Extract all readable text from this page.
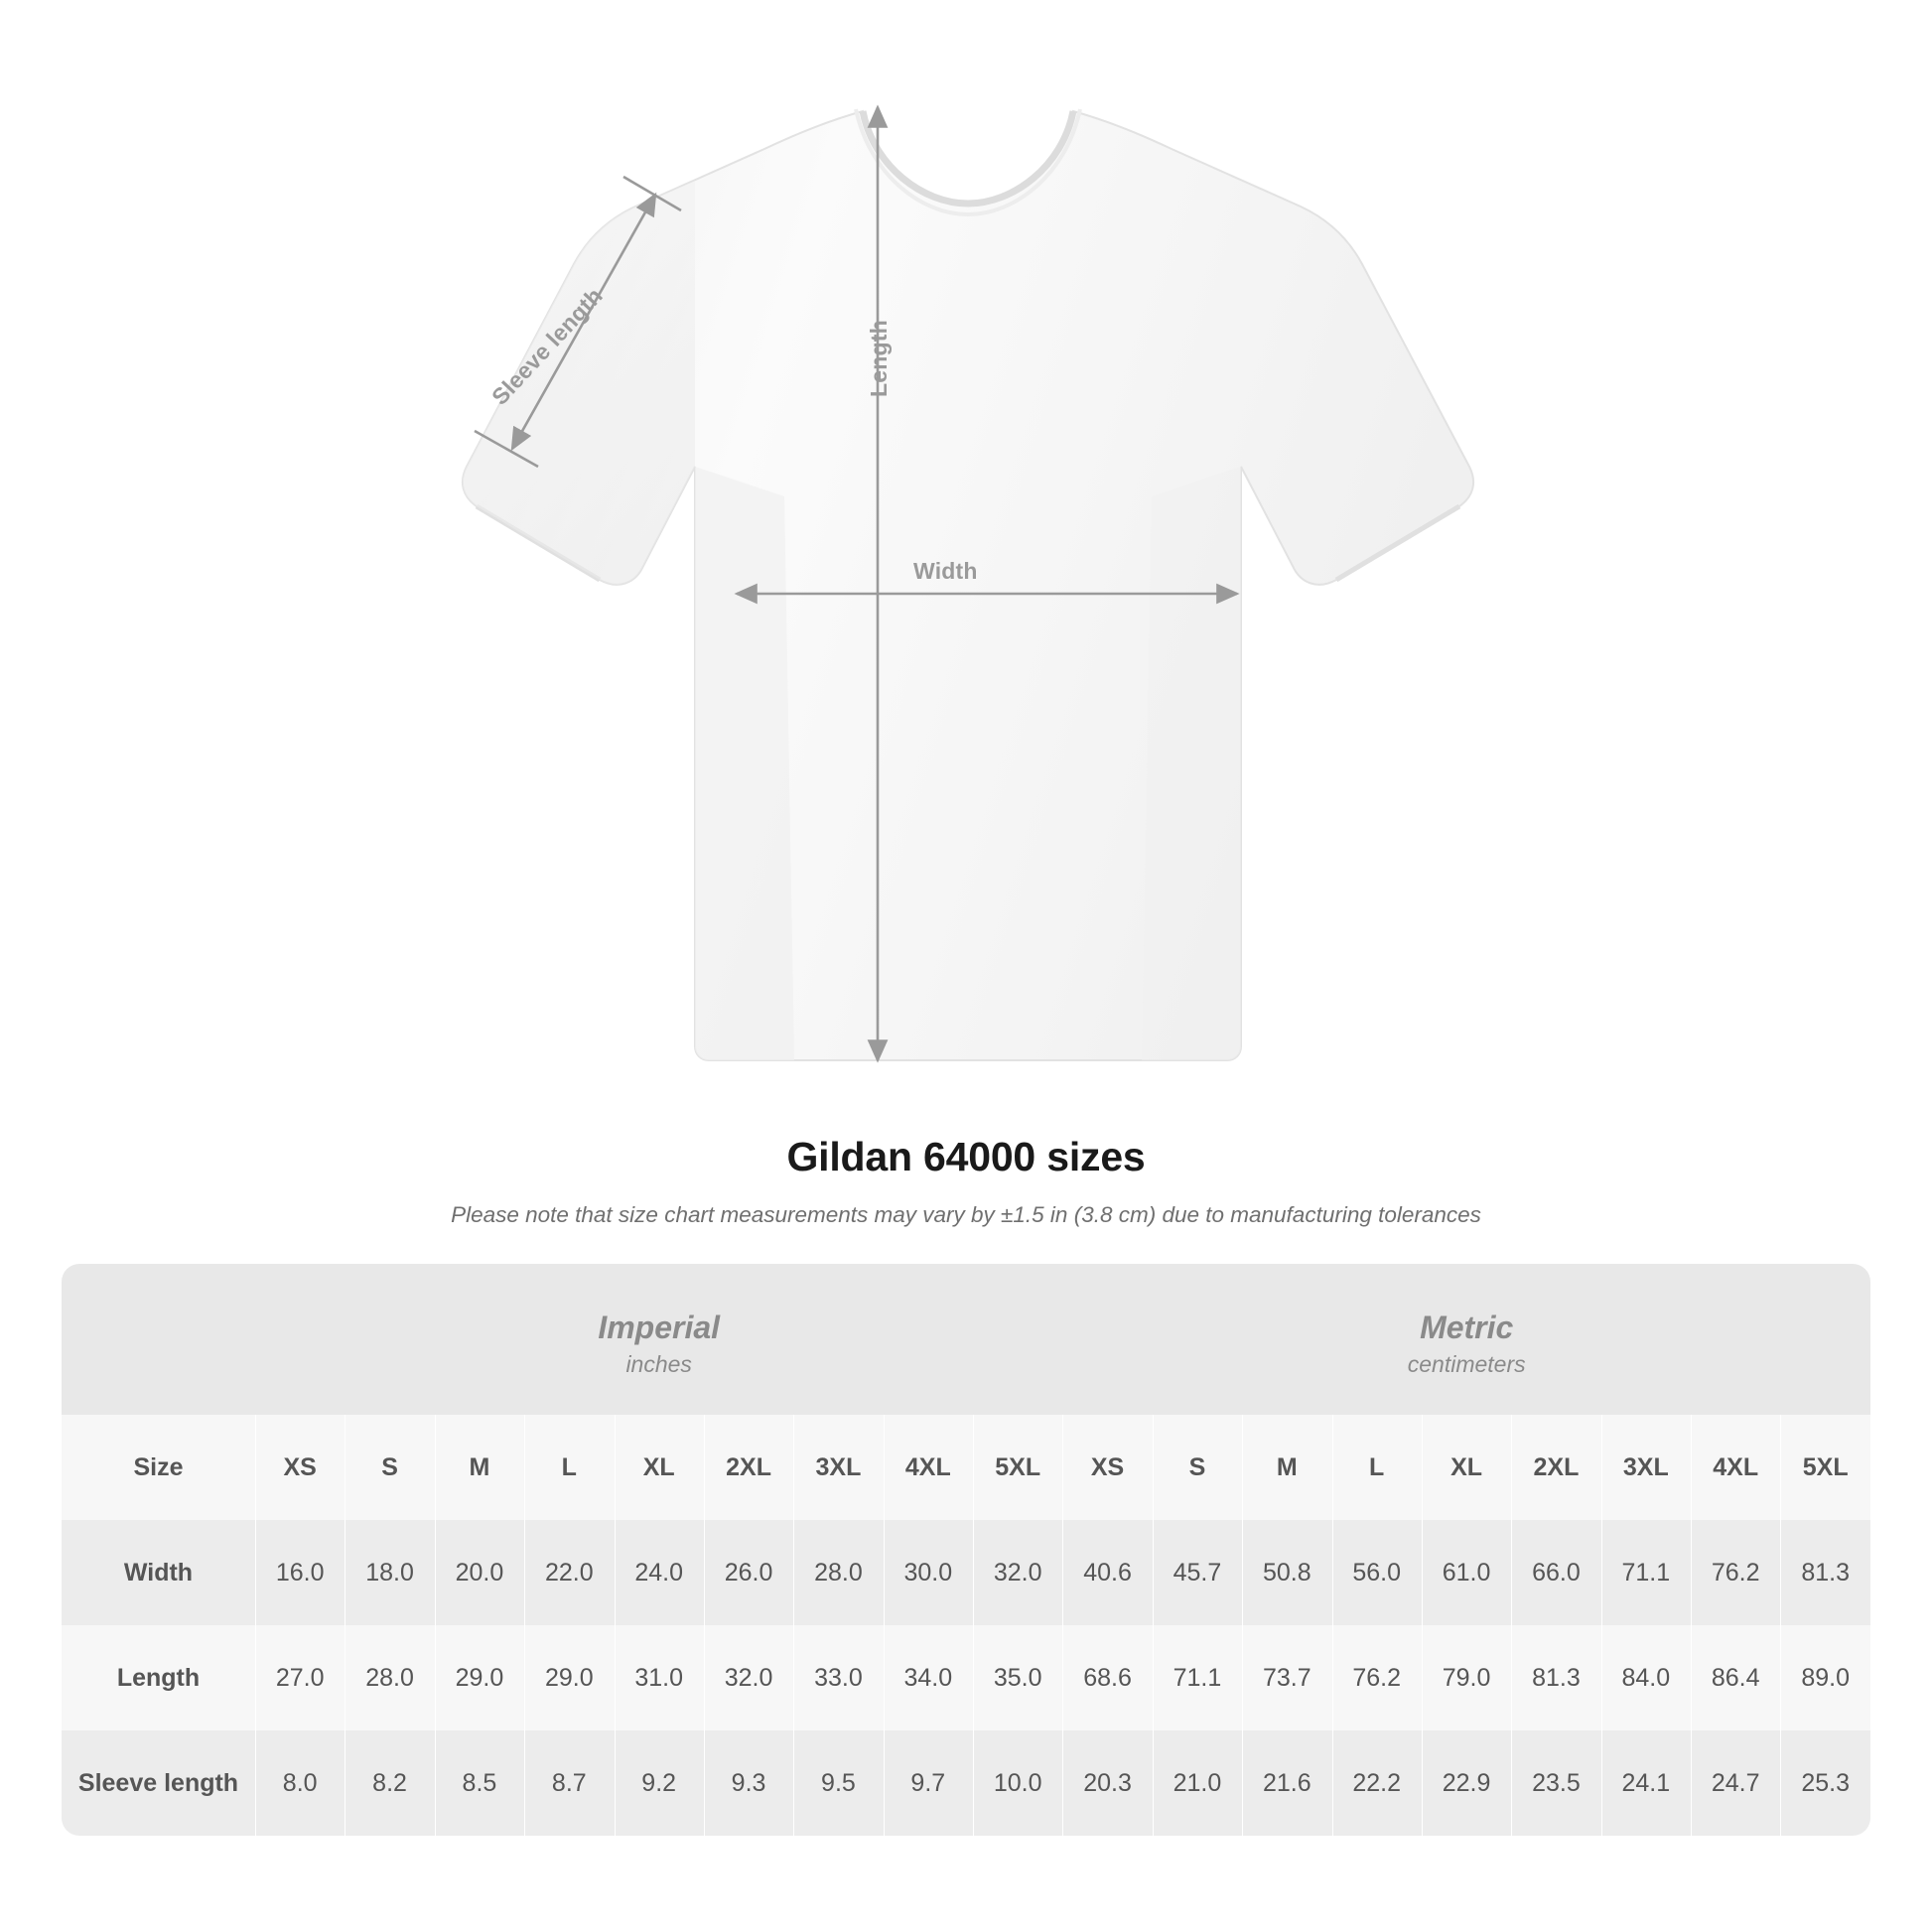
Width
Length
Sleeve length
Gildan 64000 sizes
Please note that size chart measurements may vary by ±1.5 in (3.8 cm) due to manufacturing tolerances

Imperial
inches

Metric
centimeters

Size	XS	S	M	L	XL	2XL	3XL	4XL	5XL	XS	S	M	L	XL	2XL	3XL	4XL	5XL
Width	16.0	18.0	20.0	22.0	24.0	26.0	28.0	30.0	32.0	40.6	45.7	50.8	56.0	61.0	66.0	71.1	76.2	81.3
Length	27.0	28.0	29.0	29.0	31.0	32.0	33.0	34.0	35.0	68.6	71.1	73.7	76.2	79.0	81.3	84.0	86.4	89.0
Sleeve length	8.0	8.2	8.5	8.7	9.2	9.3	9.5	9.7	10.0	20.3	21.0	21.6	22.2	22.9	23.5	24.1	24.7	25.3
